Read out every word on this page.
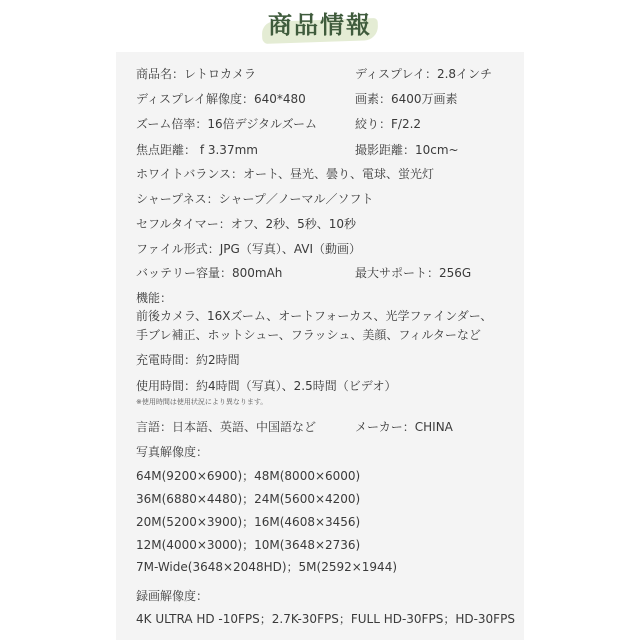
商品情報
商品名：レトロカメラ	ディスプレイ：2.8インチ
ディスプレイ解像度：640*480	画素：6400万画素
ズーム倍率：16倍デジタルズーム	絞り：F/2.2
焦点距離： f 3.37mm	撮影距離：10cm~
ホワイトバランス：オート、昼光、曇り、電球、蛍光灯
シャープネス：シャープ／ノーマル／ソフト
セフルタイマー：オフ、2秒、5秒、10秒
ファイル形式：JPG（写真）、AVI（動画）
バッテリー容量：800mAh	最大サポート：256G
機能：
前後カメラ、16Xズーム、オートフォーカス、光学ファインダー、
手ブレ補正、ホットシュー、フラッシュ、美顔、フィルターなど
充電時間：約2時間
使用時間：約4時間（写真）、2.5時間（ビデオ）
※使用時間は使用状況により異なります。
言語：日本語、英語、中国語など	メーカー：CHINA
写真解像度：
64M(9200×6900)；48M(8000×6000)
36M(6880×4480)；24M(5600×4200)
20M(5200×3900)；16M(4608×3456)
12M(4000×3000)；10M(3648×2736)
7M-Wide(3648×2048HD)；5M(2592×1944)
録画解像度：
4K ULTRA HD -10FPS；2.7K-30FPS；FULL HD-30FPS；HD-30FPS
